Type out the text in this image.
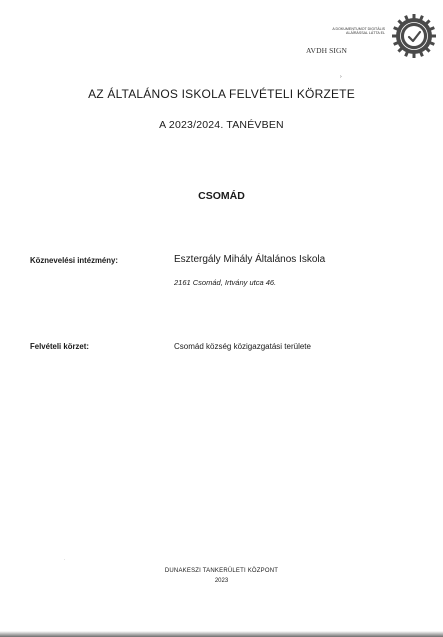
A DOKUMENTUMOT DIGITÁLIS
ALÁÍRÁSSAL LÁTTA EL
AVDH SIGN
›
AZ ÁLTALÁNOS ISKOLA FELVÉTELI KÖRZETE
A 2023/2024. TANÉVBEN
CSOMÁD
Köznevelési intézmény:	Esztergály Mihály Általános Iskola
2161 Csomád, Irtvány utca 46.
Felvételi körzet:	Csomád község közigazgatási területe
·
DUNAKESZI TANKERÜLETI KÖZPONT
2023
